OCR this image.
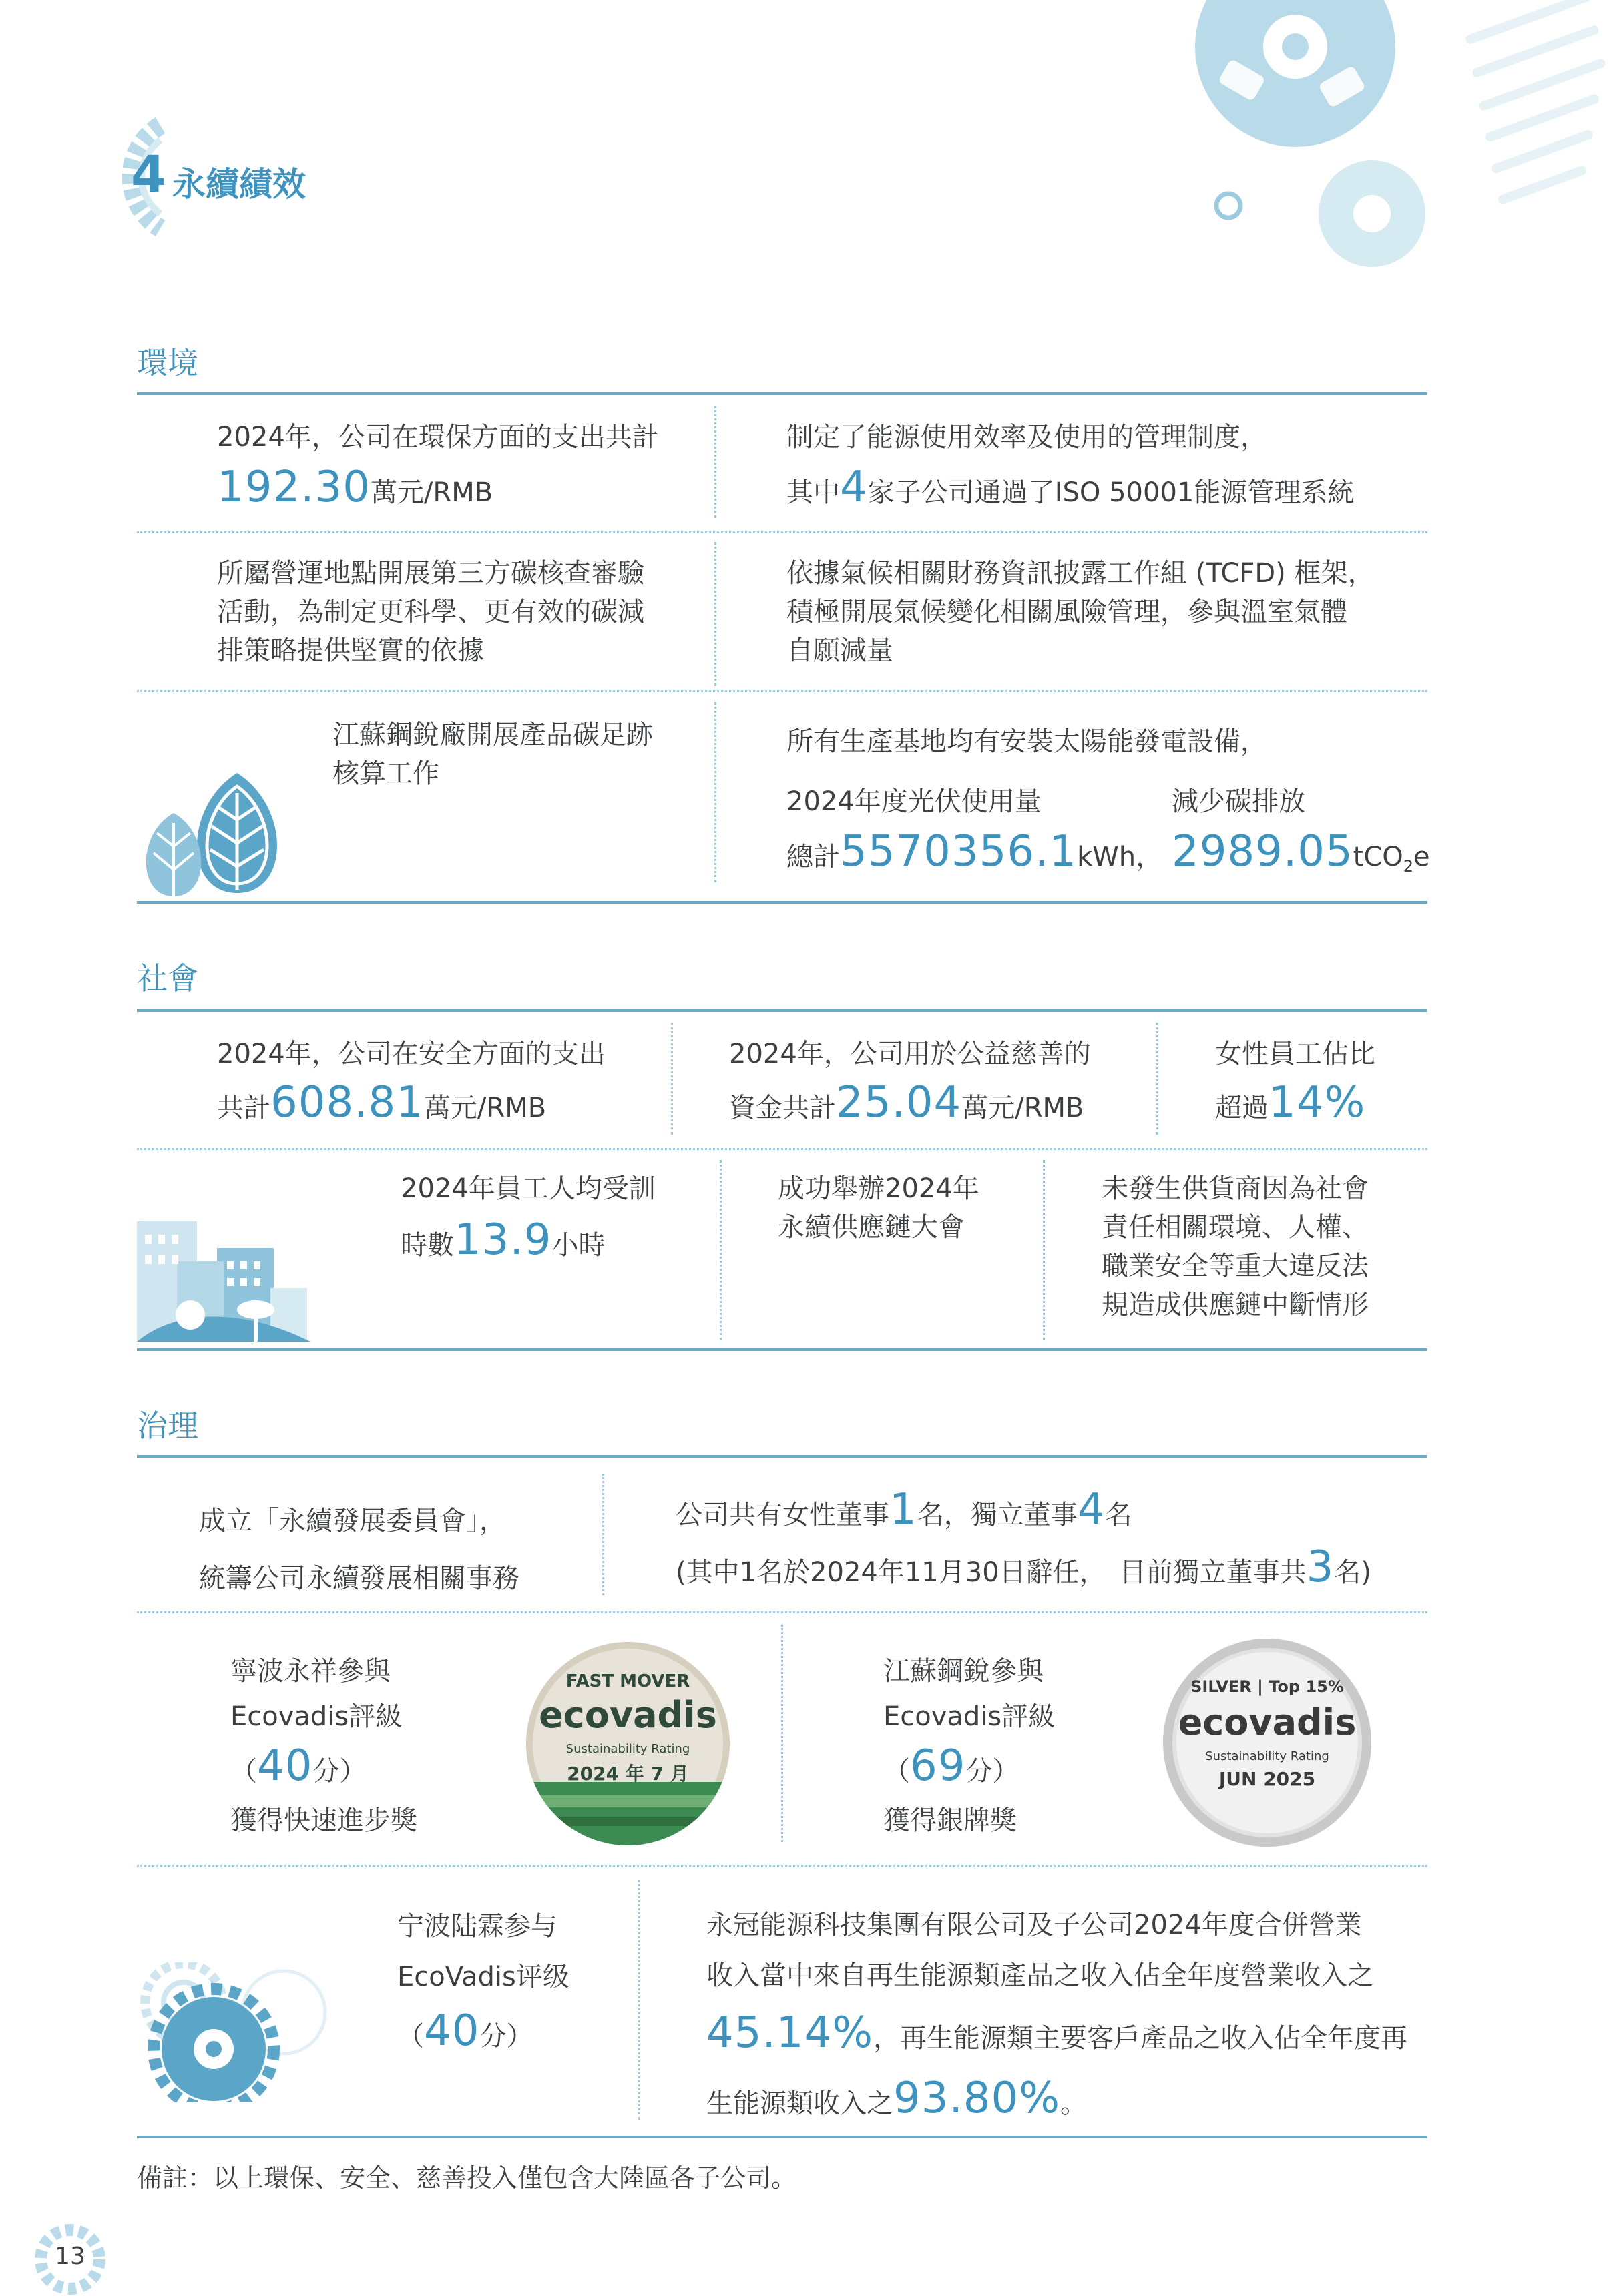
4 永續績效
環境
2024年，公司在環保方面的支出共計
192.30萬元/RMB
制定了能源使用效率及使用的管理制度，
其中4家子公司通過了ISO 50001能源管理系統
所屬營運地點開展第三方碳核查審驗
活動，為制定更科學、更有效的碳減
排策略提供堅實的依據
依據氣候相關財務資訊披露工作組 (TCFD) 框架，
積極開展氣候變化相關風險管理，參與溫室氣體
自願減量
江蘇鋼銳廠開展產品碳足跡
核算工作
所有生產基地均有安裝太陽能發電設備，
2024年度光伏使用量
總計5570356.1kWh，
減少碳排放
2989.05tCO$_2$e
社會
2024年，公司在安全方面的支出
共計608.81萬元/RMB
2024年，公司用於公益慈善的
資金共計25.04萬元/RMB
女性員工佔比
超過14%
2024年員工人均受訓
時數13.9小時
成功舉辦2024年
永續供應鏈大會
未發生供貨商因為社會
責任相關環境、人權、
職業安全等重大違反法
規造成供應鏈中斷情形
治理
成立「永續發展委員會」，
統籌公司永續發展相關事務
公司共有女性董事1名，獨立董事4名
(其中1名於2024年11月30日辭任，　目前獨立董事共3名)
寧波永祥參與
Ecovadis評級
（40分）
獲得快速進步獎
FAST MOVER
ecovadis
Sustainability Rating
2024 年 7 月
江蘇鋼銳參與
Ecovadis評級
（69分）
獲得銀牌獎
SILVER | Top 15%
ecovadis
Sustainability Rating
JUN 2025
宁波陆霖参与
EcoVadis评级
（40分）
永冠能源科技集團有限公司及子公司2024年度合併營業
收入當中來自再生能源類產品之收入佔全年度營業收入之
45.14%，再生能源類主要客戶產品之收入佔全年度再
生能源類收入之93.80%。
備註：以上環保、安全、慈善投入僅包含大陸區各子公司。
13
